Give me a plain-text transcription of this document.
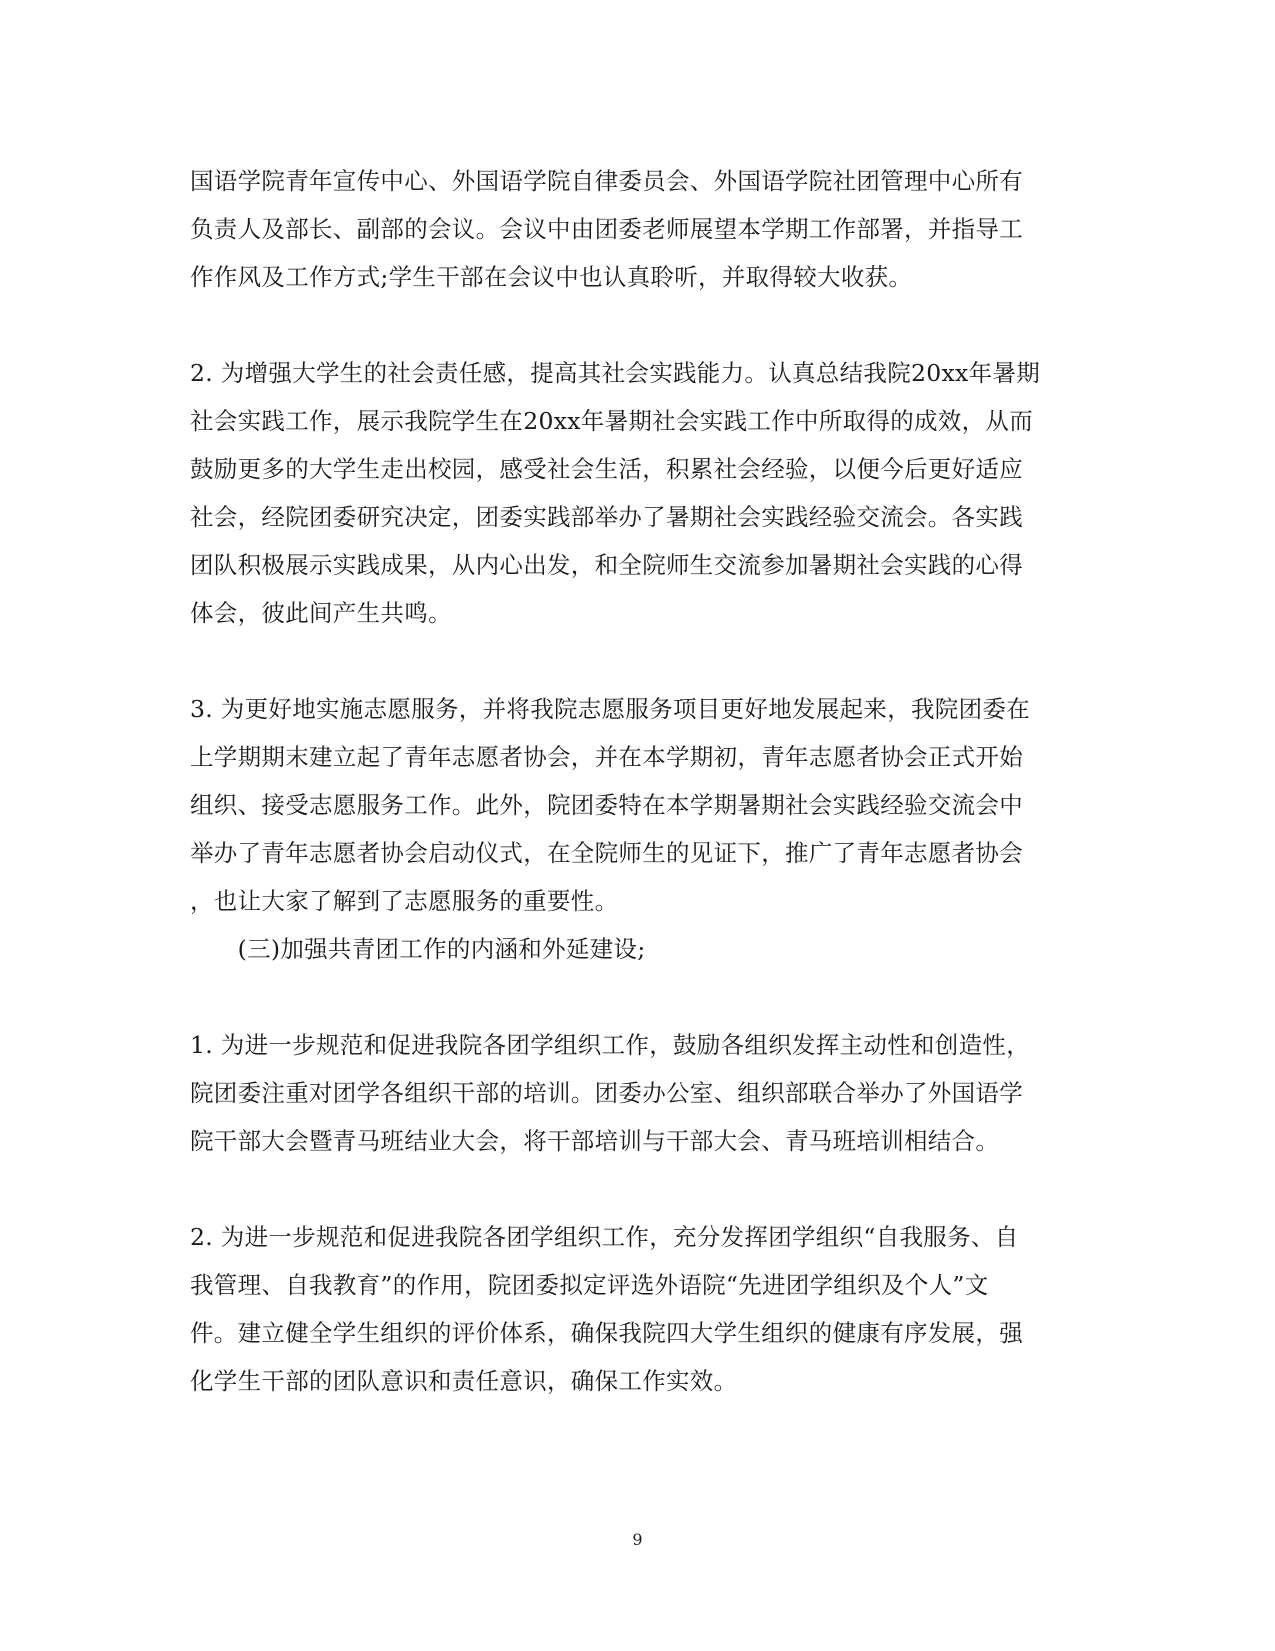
国语学院青年宣传中心、外国语学院自律委员会、外国语学院社团管理中心所有
负责人及部长、副部的会议。会议中由团委老师展望本学期工作部署，并指导工
作作风及工作方式;学生干部在会议中也认真聆听，并取得较大收获。
2. 为增强大学生的社会责任感，提高其社会实践能力。认真总结我院20xx年暑期
社会实践工作，展示我院学生在20xx年暑期社会实践工作中所取得的成效，从而
鼓励更多的大学生走出校园，感受社会生活，积累社会经验，以便今后更好适应
社会，经院团委研究决定，团委实践部举办了暑期社会实践经验交流会。各实践
团队积极展示实践成果，从内心出发，和全院师生交流参加暑期社会实践的心得
体会，彼此间产生共鸣。
3. 为更好地实施志愿服务，并将我院志愿服务项目更好地发展起来，我院团委在
上学期期末建立起了青年志愿者协会，并在本学期初，青年志愿者协会正式开始
组织、接受志愿服务工作。此外，院团委特在本学期暑期社会实践经验交流会中
举办了青年志愿者协会启动仪式，在全院师生的见证下，推广了青年志愿者协会
，也让大家了解到了志愿服务的重要性。
　　(三)加强共青团工作的内涵和外延建设;
1. 为进一步规范和促进我院各团学组织工作，鼓励各组织发挥主动性和创造性，
院团委注重对团学各组织干部的培训。团委办公室、组织部联合举办了外国语学
院干部大会暨青马班结业大会，将干部培训与干部大会、青马班培训相结合。
2. 为进一步规范和促进我院各团学组织工作，充分发挥团学组织“自我服务、自
我管理、自我教育”的作用，院团委拟定评选外语院“先进团学组织及个人”文
件。建立健全学生组织的评价体系，确保我院四大学生组织的健康有序发展，强
化学生干部的团队意识和责任意识，确保工作实效。
9
